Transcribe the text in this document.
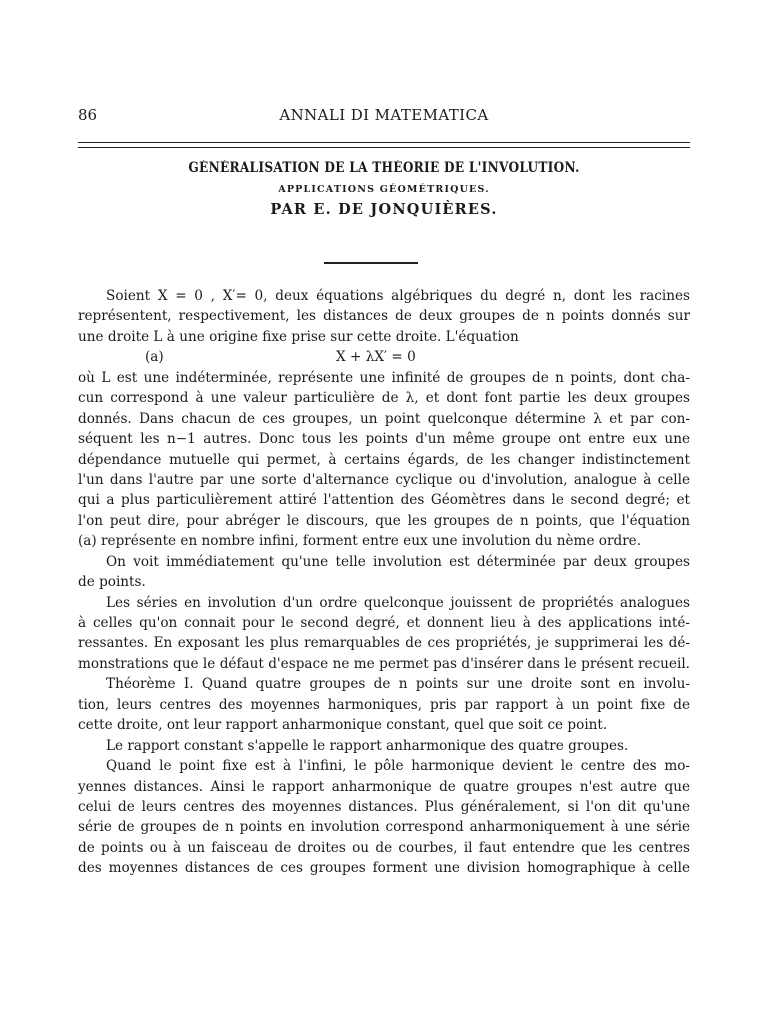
86	ANNALI DI MATEMATICA
GÉNÉRALISATION DE LA THÉORIE DE L'INVOLUTION.
APPLICATIONS GÉOMÉTRIQUES.
PAR E. DE JONQUIÈRES.
Soient X = 0 , X′= 0, deux équations algébriques du degré n, dont les racines
représentent, respectivement, les distances de deux groupes de n points donnés sur
une droite L à une origine fixe prise sur cette droite. L'équation
(a)	X + λX′ = 0
où L est une indéterminée, représente une infinité de groupes de n points, dont cha-
cun correspond à une valeur particulière de λ, et dont font partie les deux groupes
donnés. Dans chacun de ces groupes, un point quelconque détermine λ et par con-
séquent les n−1 autres. Donc tous les points d'un même groupe ont entre eux une
dépendance mutuelle qui permet, à certains égards, de les changer indistinctement
l'un dans l'autre par une sorte d'alternance cyclique ou d'involution, analogue à celle
qui a plus particulièrement attiré l'attention des Géomètres dans le second degré; et
l'on peut dire, pour abréger le discours, que les groupes de n points, que l'équation
(a) représente en nombre infini, forment entre eux une involution du nème ordre.
On voit immédiatement qu'une telle involution est déterminée par deux groupes
de points.
Les séries en involution d'un ordre quelconque jouissent de propriétés analogues
à celles qu'on connait pour le second degré, et donnent lieu à des applications inté-
ressantes. En exposant les plus remarquables de ces propriétés, je supprimerai les dé-
monstrations que le défaut d'espace ne me permet pas d'insérer dans le présent recueil.
Théorème I. Quand quatre groupes de n points sur une droite sont en involu-
tion, leurs centres des moyennes harmoniques, pris par rapport à un point fixe de
cette droite, ont leur rapport anharmonique constant, quel que soit ce point.
Le rapport constant s'appelle le rapport anharmonique des quatre groupes.
Quand le point fixe est à l'infini, le pôle harmonique devient le centre des mo-
yennes distances. Ainsi le rapport anharmonique de quatre groupes n'est autre que
celui de leurs centres des moyennes distances. Plus généralement, si l'on dit qu'une
série de groupes de n points en involution correspond anharmoniquement à une série
de points ou à un faisceau de droites ou de courbes, il faut entendre que les centres
des moyennes distances de ces groupes forment une division homographique à celle
